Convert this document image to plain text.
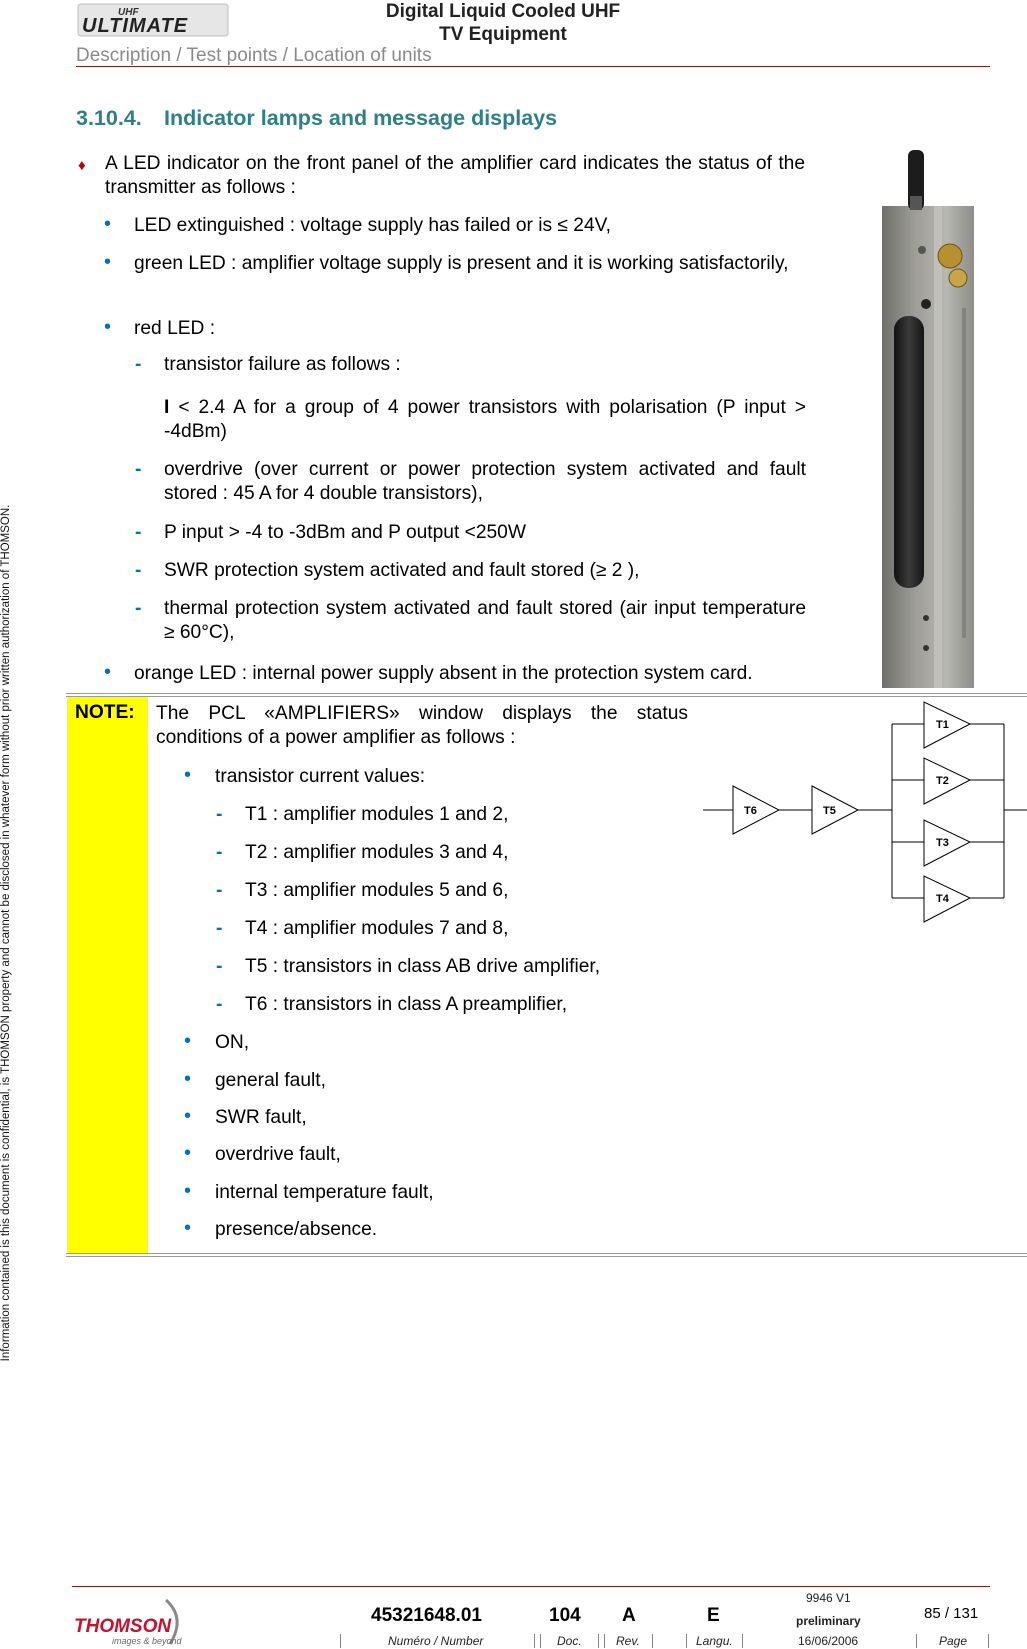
UHF
ULTIMATE
Digital Liquid Cooled UHF
TV Equipment
Description / Test points / Location of units
Information contained is this document is confidential, is THOMSON property and cannot be disclosed in whatever form without prior written authorization of THOMSON.
3.10.4. Indicator lamps and message displays
♦ A LED indicator on the front panel of the amplifier card indicates the status of the transmitter as follows :
• LED extinguished : voltage supply has failed or is ≤ 24V,
• green LED : amplifier voltage supply is present and it is working satisfactorily,
• red LED :
- transistor failure as follows :
I < 2.4 A for a group of 4 power transistors with polarisation (P input > -4dBm)
- overdrive (over current or power protection system activated and fault stored : 45 A for 4 double transistors),
- P input > -4 to -3dBm and P output <250W
- SWR protection system activated and fault stored (≥ 2 ),
- thermal protection system activated and fault stored (air input temperature ≥ 60°C),
• orange LED : internal power supply absent in the protection system card.
NOTE: The PCL «AMPLIFIERS» window displays the status conditions of a power amplifier as follows :
• transistor current values:
- T1 : amplifier modules 1 and 2,
- T2 : amplifier modules 3 and 4,
- T3 : amplifier modules 5 and 6,
- T4 : amplifier modules 7 and 8,
- T5 : transistors in class AB drive amplifier,
- T6 : transistors in class A preamplifier,
• ON,
• general fault,
• SWR fault,
• overdrive fault,
• internal temperature fault,
• presence/absence.
T1
T2
T3
T4
T5
T6
THOMSON
images & beyond
45321648.01
Numéro / Number
104
Doc.
A
Rev.
E
Langu.
9946 V1
preliminary
16/06/2006
85 / 131
Page
